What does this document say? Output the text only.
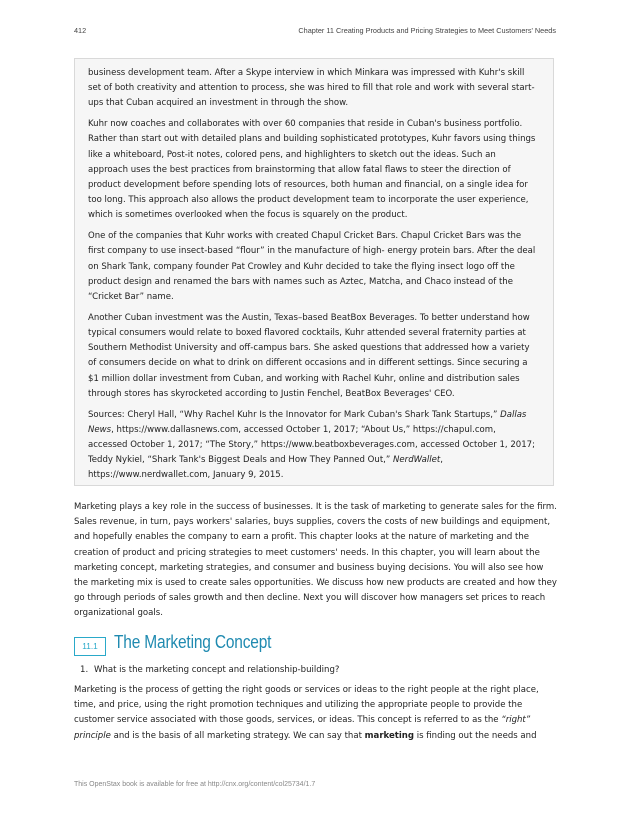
412	Chapter 11 Creating Products and Pricing Strategies to Meet Customers' Needs

business development team. After a Skype interview in which Minkara was impressed with Kuhr's skill set of both creativity and attention to process, she was hired to fill that role and work with several start-ups that Cuban acquired an investment in through the show.

Kuhr now coaches and collaborates with over 60 companies that reside in Cuban's business portfolio. Rather than start out with detailed plans and building sophisticated prototypes, Kuhr favors using things like a whiteboard, Post-it notes, colored pens, and highlighters to sketch out the ideas. Such an approach uses the best practices from brainstorming that allow fatal flaws to steer the direction of product development before spending lots of resources, both human and financial, on a single idea for too long. This approach also allows the product development team to incorporate the user experience, which is sometimes overlooked when the focus is squarely on the product.

One of the companies that Kuhr works with created Chapul Cricket Bars. Chapul Cricket Bars was the first company to use insect-based “flour” in the manufacture of high- energy protein bars. After the deal on Shark Tank, company founder Pat Crowley and Kuhr decided to take the flying insect logo off the product design and renamed the bars with names such as Aztec, Matcha, and Chaco instead of the “Cricket Bar” name.

Another Cuban investment was the Austin, Texas–based BeatBox Beverages. To better understand how typical consumers would relate to boxed flavored cocktails, Kuhr attended several fraternity parties at Southern Methodist University and off-campus bars. She asked questions that addressed how a variety of consumers decide on what to drink on different occasions and in different settings. Since securing a $1 million dollar investment from Cuban, and working with Rachel Kuhr, online and distribution sales through stores has skyrocketed according to Justin Fenchel, BeatBox Beverages' CEO.

Sources: Cheryl Hall, “Why Rachel Kuhr Is the Innovator for Mark Cuban's Shark Tank Startups,” Dallas News, https://www.dallasnews.com, accessed October 1, 2017; “About Us,” https://chapul.com, accessed October 1, 2017; “The Story,” https://www.beatboxbeverages.com, accessed October 1, 2017; Teddy Nykiel, “Shark Tank's Biggest Deals and How They Panned Out,” NerdWallet, https://www.nerdwallet.com, January 9, 2015.

Marketing plays a key role in the success of businesses. It is the task of marketing to generate sales for the firm. Sales revenue, in turn, pays workers' salaries, buys supplies, covers the costs of new buildings and equipment, and hopefully enables the company to earn a profit. This chapter looks at the nature of marketing and the creation of product and pricing strategies to meet customers' needs. In this chapter, you will learn about the marketing concept, marketing strategies, and consumer and business buying decisions. You will also see how the marketing mix is used to create sales opportunities. We discuss how new products are created and how they go through periods of sales growth and then decline. Next you will discover how managers set prices to reach organizational goals.

11.1 The Marketing Concept
1. What is the marketing concept and relationship-building?

Marketing is the process of getting the right goods or services or ideas to the right people at the right place, time, and price, using the right promotion techniques and utilizing the appropriate people to provide the customer service associated with those goods, services, or ideas. This concept is referred to as the “right” principle and is the basis of all marketing strategy. We can say that marketing is finding out the needs and

This OpenStax book is available for free at http://cnx.org/content/col25734/1.7
